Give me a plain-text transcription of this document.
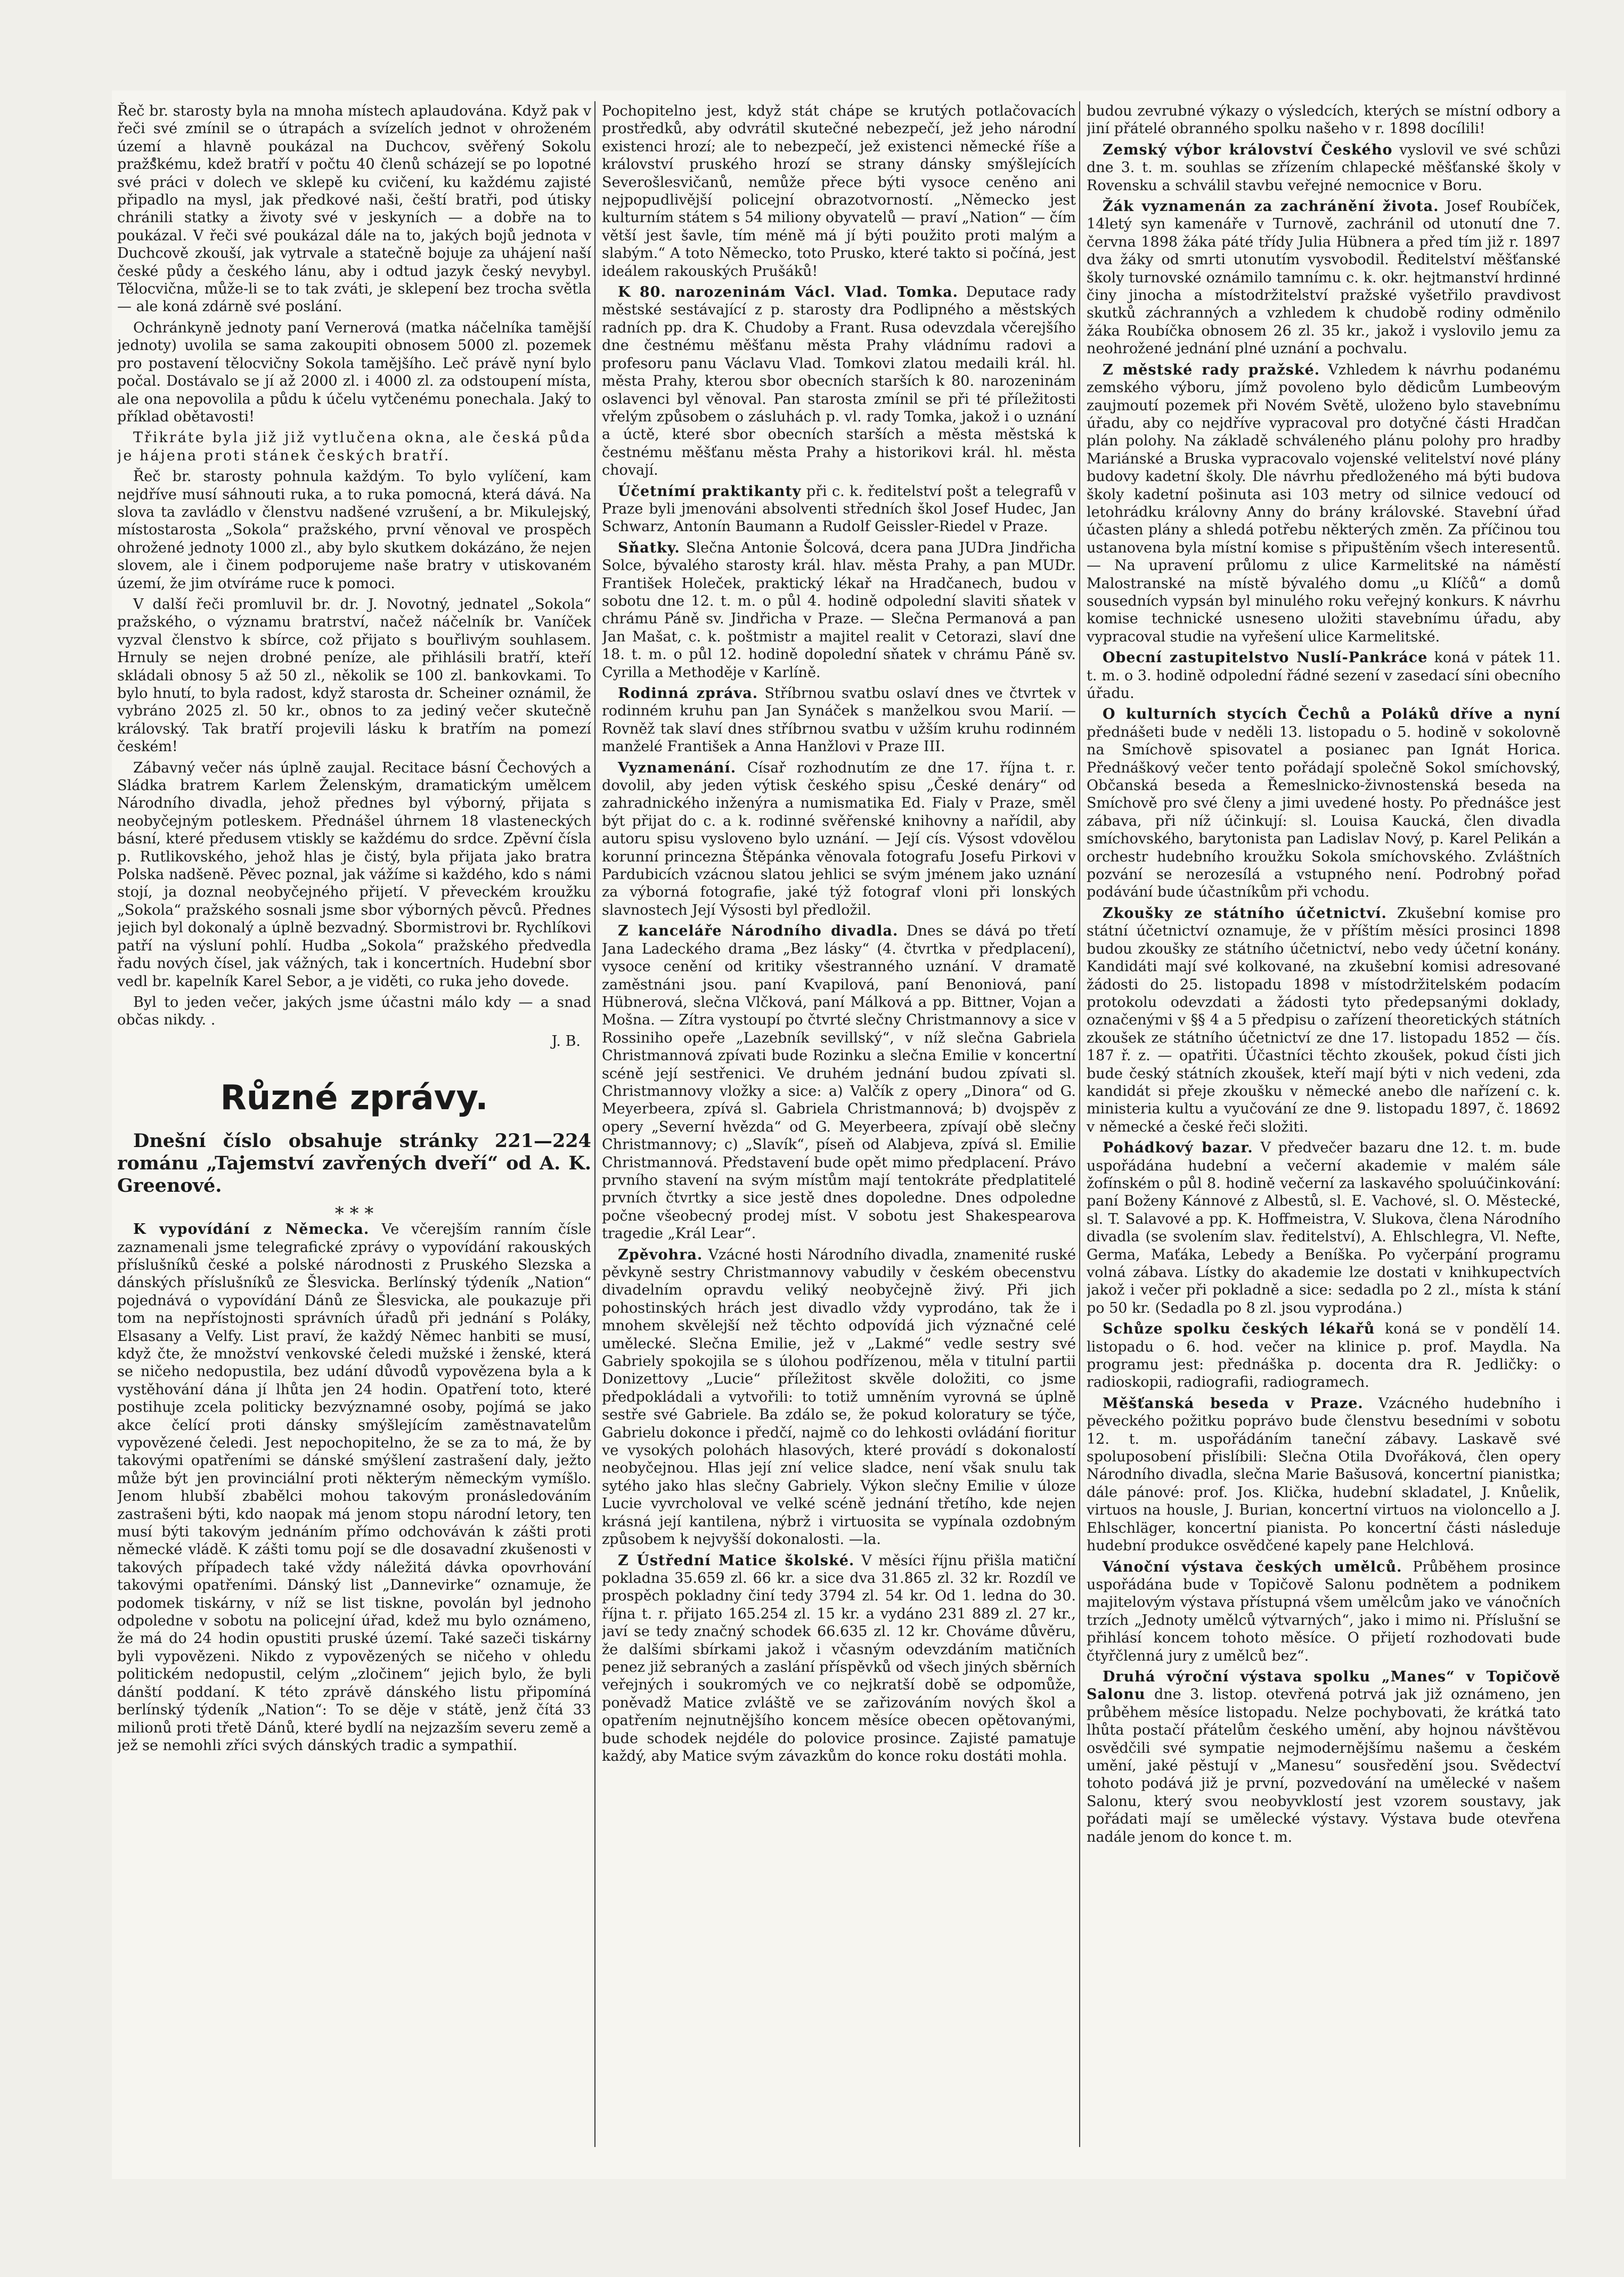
Řeč br. starosty byla na mnoha místech aplaudována. Když pak v řeči své zmínil se o útrapách a svízelích jednot v ohroženém území a hlavně poukázal na Duchcov, svěřený Sokolu pražskému, kdež bratří v počtu 40 členů scházejí se po lopotné své práci v dolech ve sklepě ku cvičení, ku každému zajisté připadlo na mysl, jak předkové naši, čeští bratři, pod útisky chránili statky a životy své v jeskyních — a dobře na to poukázal. V řeči své poukázal dále na to, jakých bojů jednota v Duchcově zkouší, jak vytrvale a statečně bojuje za uhájení naší české půdy a českého lánu, aby i odtud jazyk český nevybyl. Tělocvična, může-li se to tak zváti, je sklepení bez trocha světla — ale koná zdárně své poslání.

Ochránkyně jednoty paní Vernerová (matka náčelníka tamější jednoty) uvolila se sama zakoupiti obnosem 5000 zl. pozemek pro postavení tělocvičny Sokola tamějšího. Leč právě nyní bylo počal. Dostávalo se jí až 2000 zl. i 4000 zl. za odstoupení místa, ale ona nepovolila a půdu k účelu vytčenému ponechala. Jaký to příklad obětavosti!

Třikráte byla již již vytlučena okna, ale česká půda je hájena proti stánek českých bratří.

Řeč br. starosty pohnula každým. To bylo vylíčení, kam nejdříve musí sáhnouti ruka, a to ruka pomocná, která dává. Na slova ta zavládlo v členstvu nadšené vzrušení, a br. Mikulejský, místostarosta „Sokola“ pražského, první věnoval ve prospěch ohrožené jednoty 1000 zl., aby bylo skutkem dokázáno, že nejen slovem, ale i činem podporujeme naše bratry v utiskovaném území, že jim otvíráme ruce k pomoci.

V další řeči promluvil br. dr. J. Novotný, jednatel „Sokola“ pražského, o významu bratrství, načež náčelník br. Vaníček vyzval členstvo k sbírce, což přijato s bouřlivým souhlasem. Hrnuly se nejen drobné peníze, ale přihlásili bratří, kteří skládali obnosy 5 až 50 zl., několik se 100 zl. bankovkami. To bylo hnutí, to byla radost, když starosta dr. Scheiner oznámil, že vybráno 2025 zl. 50 kr., obnos to za jediný večer skutečně královský. Tak bratří projevili lásku k bratřím na pomezí českém!

Zábavný večer nás úplně zaujal. Recitace básní Čechových a Sládka bratrem Karlem Želenským, dramatickým umělcem Národního divadla, jehož přednes byl výborný, přijata s neobyčejným potleskem. Přednášel úhrnem 18 vlasteneckých básní, které předusem vtiskly se každému do srdce. Zpěvní čísla p. Rutlikovského, jehož hlas je čistý, byla přijata jako bratra Polska nadšeně. Pěvec poznal, jak vážíme si každého, kdo s námi stojí, ja doznal neobyčejného přijetí. V převeckém kroužku „Sokola“ pražského sosnali jsme sbor výborných pěvců. Přednes jejich byl dokonalý a úplně bezvadný. Sbormistrovi br. Rychlíkovi patří na výsluní pohlí. Hudba „Sokola“ pražského předvedla řadu nových čísel, jak vážných, tak i koncertních. Hudební sbor vedl br. kapelník Karel Sebor, a je viděti, co ruka jeho dovede.

Byl to jeden večer, jakých jsme účastni málo kdy — a snad občas nikdy. .

J. B.
Různé zprávy.

Dnešní číslo obsahuje stránky 221—224 románu „Tajemství zavřených dveří“ od A. K. Greenové.

* * *

K vypovídání z Německa. Ve včerejším ranním čísle zaznamenali jsme telegrafické zprávy o vypovídání rakouských příslušníků české a polské národnosti z Pruského Slezska a dánských příslušníků ze Šlesvicka. Berlínský týdeník „Nation“ pojednává o vypovídání Dánů ze Šlesvicka, ale poukazuje při tom na nepřístojnosti správních úřadů při jednání s Poláky, Elsasany a Velfy. List praví, že každý Němec hanbiti se musí, když čte, že množství venkovské čeledi mužské i ženské, která se ničeho nedopustila, bez udání důvodů vypovězena byla a k vystěhování dána jí lhůta jen 24 hodin. Opatření toto, které postihuje zcela politicky bezvýznamné osoby, pojímá se jako akce čelící proti dánsky smýšlejícím zaměstnavatelům vypovězené čeledi. Jest nepochopitelno, že se za to má, že by takovými opatřeními se dánské smýšlení zastrašení daly, ježto může být jen provinciální proti některým německým vymíšlo. Jenom hlubší zbabělci mohou takovým pronásledováním zastrašeni býti, kdo naopak má jenom stopu národní letory, ten musí býti takovým jednáním přímo odchováván k zášti proti německé vládě. K zášti tomu pojí se dle dosavadní zkušenosti v takových případech také vždy náležitá dávka opovrhování takovými opatřeními. Dánský list „Dannevirke“ oznamuje, že podomek tiskárny, v níž se list tiskne, povolán byl jednoho odpoledne v sobotu na policejní úřad, kdež mu bylo oznámeno, že má do 24 hodin opustiti pruské území. Také sazeči tiskárny byli vypovězeni. Nikdo z vypovězených se ničeho v ohledu politickém nedopustil, celým „zločinem“ jejich bylo, že byli dánští poddaní. K této zprávě dánského listu připomíná berlínský týdeník „Nation“: To se děje v státě, jenž čítá 33 milionů proti třetě Dánů, které bydlí na nejzazším severu země a jež se nemohli zříci svých dánských tradic a sympathií.

Pochopitelno jest, když stát chápe se krutých potlačovacích prostředků, aby odvrátil skutečné nebezpečí, jež jeho národní existenci hrozí; ale to nebezpečí, jež existenci německé říše a království pruského hrozí se strany dánsky smýšlejících Severošlesvičanů, nemůže přece býti vysoce ceněno ani nejpopudlivější policejní obrazotvorností. „Německo jest kulturním státem s 54 miliony obyvatelů — praví „Nation“ — čím větší jest šavle, tím méně má jí býti použito proti malým a slabým.“ A toto Německo, toto Prusko, které takto si počíná, jest ideálem rakouských Prušáků!

K 80. narozeninám Václ. Vlad. Tomka. Deputace rady městské sestávající z p. starosty dra Podlipného a městských radních pp. dra K. Chudoby a Frant. Rusa odevzdala včerejšího dne čestnému měšťanu města Prahy vládnímu radovi a profesoru panu Václavu Vlad. Tomkovi zlatou medaili král. hl. města Prahy, kterou sbor obecních starších k 80. narozeninám oslavenci byl věnoval. Pan starosta zmínil se při té příležitosti vřelým způsobem o zásluhách p. vl. rady Tomka, jakož i o uznání a úctě, které sbor obecních starších a města městská k čestnému měšťanu města Prahy a historikovi král. hl. města chovají.

Účetnímí praktikanty při c. k. ředitelství pošt a telegrafů v Praze byli jmenováni absolventi středních škol Josef Hudec, Jan Schwarz, Antonín Baumann a Rudolf Geissler-Riedel v Praze.

Sňatky. Slečna Antonie Šolcová, dcera pana JUDra Jindřicha Solce, bývalého starosty král. hlav. města Prahy, a pan MUDr. František Holeček, praktický lékař na Hradčanech, budou v sobotu dne 12. t. m. o půl 4. hodině odpolední slaviti sňatek v chrámu Páně sv. Jindřicha v Praze. — Slečna Permanová a pan Jan Mašat, c. k. poštmistr a majitel realit v Cetorazi, slaví dne 18. t. m. o půl 12. hodině dopolední sňatek v chrámu Páně sv. Cyrilla a Methoděje v Karlíně.

Rodinná zpráva. Stříbrnou svatbu oslaví dnes ve čtvrtek v rodinném kruhu pan Jan Synáček s manželkou svou Marií. — Rovněž tak slaví dnes stříbrnou svatbu v užším kruhu rodinném manželé František a Anna Hanžlovi v Praze III.

Vyznamenání. Císař rozhodnutím ze dne 17. října t. r. dovolil, aby jeden výtisk českého spisu „České denáry“ od zahradnického inženýra a numismatika Ed. Fialy v Praze, směl být přijat do c. a k. rodinné svěřenské knihovny a nařídil, aby autoru spisu vysloveno bylo uznání. — Její cís. Výsost vdovělou korunní princezna Štěpánka věnovala fotografu Josefu Pirkovi v Pardubicích vzácnou slatou jehlici se svým jménem jako uznání za výborná fotografie, jaké týž fotograf vloni při lonských slavnostech Její Výsosti byl předložil.

Z kanceláře Národního divadla. Dnes se dává po třetí Jana Ladeckého drama „Bez lásky“ (4. čtvrtka v předplacení), vysoce cenění od kritiky všestranného uznání. V dramatě zaměstnáni jsou. paní Kvapilová, paní Benoniová, paní Hübnerová, slečna Vlčková, paní Málková a pp. Bittner, Vojan a Mošna. — Zítra vystoupí po čtvrté slečny Christmannovy a sice v Rossiniho opeře „Lazebník sevillský“, v níž slečna Gabriela Christmannová zpívati bude Rozinku a slečna Emilie v koncertní scéně její sestřenici. Ve druhém jednání budou zpívati sl. Christmannovy vložky a sice: a) Valčík z opery „Dinora“ od G. Meyerbeera, zpívá sl. Gabriela Christmannová; b) dvojspěv z opery „Severní hvězda“ od G. Meyerbeera, zpívají obě slečny Christmannovy; c) „Slavík“, píseň od Alabjeva, zpívá sl. Emilie Christmannová. Představení bude opět mimo předplacení. Právo prvního stavení na svým místům mají tentokráte předplatitelé prvních čtvrtky a sice jestě dnes dopoledne. Dnes odpoledne počne všeobecný prodej míst. V sobotu jest Shakespearova tragedie „Král Lear“.

Zpěvohra. Vzácné hosti Národního divadla, znamenité ruské pěvkyně sestry Christmannovy vabudily v českém obecenstvu divadelním opravdu veliký neobyčejně živý. Při jich pohostinských hrách jest divadlo vždy vyprodáno, tak že i mnohem skvělejší než těchto odpovídá jich význačné celé umělecké. Slečna Emilie, jež v „Lakmé“ vedle sestry své Gabriely spokojila se s úlohou podřízenou, měla v titulní partii Donizettovy „Lucie“ příležitost skvěle doložiti, co jsme předpokládali a vytvořili: to totiž umněním vyrovná se úplně sestře své Gabriele. Ba zdálo se, že pokud koloratury se týče, Gabrielu dokonce i předčí, najmě co do lehkosti ovládání fioritur ve vysokých polohách hlasových, které provádí s dokonalostí neobyčejnou. Hlas její zní velice sladce, není však snulu tak sytého jako hlas slečny Gabriely. Výkon slečny Emilie v úloze Lucie vyvrcholoval ve velké scéně jednání třetího, kde nejen krásná její kantilena, nýbrž i virtuosita se vypínala ozdobným způsobem k nejvyšší dokonalosti. —la.

Z Ústřední Matice školské. V měsíci říjnu přišla matiční pokladna 35.659 zl. 66 kr. a sice dva 31.865 zl. 32 kr. Rozdíl ve prospěch pokladny činí tedy 3794 zl. 54 kr. Od 1. ledna do 30. října t. r. přijato 165.254 zl. 15 kr. a vydáno 231 889 zl. 27 kr., javí se tedy značný schodek 66.635 zl. 12 kr. Chováme důvěru, že dalšími sbírkami jakož i včasným odevzdáním matičních penez již sebraných a zaslání příspěvků od všech jiných sběrních veřejných i soukromých ve co nejkratší době se odpomůže, poněvadž Matice zvláště ve se zařizováním nových škol a opatřením nejnutnějšího koncem měsíce obecen opětovanými, bude schodek nejdéle do polovice prosince. Zajisté pamatuje každý, aby Matice svým závazkům do konce roku dostáti mohla.

budou zevrubné výkazy o výsledcích, kterých se místní odbory a jiní přátelé obranného spolku našeho v r. 1898 docílili!

Zemský výbor království Českého vyslovil ve své schůzi dne 3. t. m. souhlas se zřízením chlapecké měšťanské školy v Rovensku a schválil stavbu veřejné nemocnice v Boru.

Žák vyznamenán za zachránění života. Josef Roubíček, 14letý syn kamenáře v Turnově, zachránil od utonutí dne 7. června 1898 žáka páté třídy Julia Hübnera a před tím již r. 1897 dva žáky od smrti utonutím vysvobodil. Ředitelství měšťanské školy turnovské oznámilo tamnímu c. k. okr. hejtmanství hrdinné činy jinocha a místodržitelství pražské vyšetřilo pravdivost skutků záchranných a vzhledem k chudobě rodiny odměnilo žáka Roubíčka obnosem 26 zl. 35 kr., jakož i vyslovilo jemu za neohrožené jednání plné uznání a pochvalu.

Z městské rady pražské. Vzhledem k návrhu podanému zemského výboru, jímž povoleno bylo dědicům Lumbeovým zaujmoutí pozemek při Novém Světě, uloženo bylo stavebnímu úřadu, aby co nejdříve vypracoval pro dotyčné části Hradčan plán polohy. Na základě schváleného plánu polohy pro hradby Mariánské a Bruska vypracovalo vojenské velitelství nové plány budovy kadetní školy. Dle návrhu předloženého má býti budova školy kadetní pošinuta asi 103 metry od silnice vedoucí od letohrádku královny Anny do brány královské. Stavební úřad účasten plány a shledá potřebu některých změn. Za příčinou tou ustanovena byla místní komise s připuštěním všech interesentů. — Na upravení průlomu z ulice Karmelitské na náměstí Malostranské na místě bývalého domu „u Klíčů“ a domů sousedních vypsán byl minulého roku veřejný konkurs. K návrhu komise technické usneseno uložiti stavebnímu úřadu, aby vypracoval studie na vyřešení ulice Karmelitské.

Obecní zastupitelstvo Nuslí-Pankráce koná v pátek 11. t. m. o 3. hodině odpolední řádné sezení v zasedací síni obecního úřadu.

O kulturních stycích Čechů a Poláků dříve a nyní přednášeti bude v neděli 13. listopadu o 5. hodině v sokolovně na Smíchově spisovatel a posianec pan Ignát Horica. Přednáškový večer tento pořádají společně Sokol smíchovský, Občanská beseda a Řemeslnicko-živnostenská beseda na Smíchově pro své členy a jimi uvedené hosty. Po přednášce jest zábava, při níž účinkují: sl. Louisa Kaucká, člen divadla smíchovského, barytonista pan Ladislav Nový, p. Karel Pelikán a orchestr hudebního kroužku Sokola smíchovského. Zvláštních pozvání se nerozesílá a vstupného není. Podrobný pořad podávání bude účastníkům při vchodu.

Zkoušky ze státního účetnictví. Zkušební komise pro státní účetnictví oznamuje, že v příštím měsíci prosinci 1898 budou zkoušky ze státního účetnictví, nebo vedy účetní konány. Kandidáti mají své kolkované, na zkušební komisi adresované žádosti do 25. listopadu 1898 v místodržitelském podacím protokolu odevzdati a žádosti tyto předepsanými doklady, označenými v §§ 4 a 5 předpisu o zařízení theoretických státních zkoušek ze státního účetnictví ze dne 17. listopadu 1852 — čís. 187 ř. z. — opatřiti. Účastníci těchto zkoušek, pokud čísti jich bude český státních zkoušek, kteří mají býti v nich vedeni, zda kandidát si přeje zkoušku v německé anebo dle nařízení c. k. ministeria kultu a vyučování ze dne 9. listopadu 1897, č. 18692 v německé a české řeči složiti.

Pohádkový bazar. V předvečer bazaru dne 12. t. m. bude uspořádána hudební a večerní akademie v malém sále žofínském o půl 8. hodině večerní za laskavého spoluúčinkování: paní Boženy Kánnové z Albestů, sl. E. Vachové, sl. O. Městecké, sl. T. Salavové a pp. K. Hoffmeistra, V. Slukova, člena Národního divadla (se svolením slav. ředitelství), A. Ehlschlegra, Vl. Nefte, Germa, Maťáka, Lebedy a Beníška. Po vyčerpání programu volná zábava. Lístky do akademie lze dostati v knihkupectvích jakož i večer při pokladně a sice: sedadla po 2 zl., místa k stání po 50 kr. (Sedadla po 8 zl. jsou vyprodána.)

Schůze spolku českých lékařů koná se v pondělí 14. listopadu o 6. hod. večer na klinice p. prof. Maydla. Na programu jest: přednáška p. docenta dra R. Jedličky: o radioskopii, radiografii, radiogramech.

Měšťanská beseda v Praze. Vzácného hudebního i pěveckého požitku poprávo bude členstvu besedními v sobotu 12. t. m. uspořádáním taneční zábavy. Laskavě své spoluposobení přislíbili: Slečna Otila Dvořáková, člen opery Národního divadla, slečna Marie Bašusová, koncertní pianistka; dále pánové: prof. Jos. Klička, hudební skladatel, J. Knůelik, virtuos na housle, J. Burian, koncertní virtuos na violoncello a J. Ehlschläger, koncertní pianista. Po koncertní části následuje hudební produkce osvědčené kapely pane Helchlová.

Vánoční výstava českých umělců. Průběhem prosince uspořádána bude v Topičově Salonu podnětem a podnikem majitelovým výstava přístupná všem umělcům jako ve vánočních trzích „Jednoty umělců výtvarných“, jako i mimo ni. Příslušní se přihlásí koncem tohoto měsíce. O přijetí rozhodovati bude čtyřčlenná jury z umělců bez“.

Druhá výroční výstava spolku „Manes“ v Topičově Salonu dne 3. listop. otevřená potrvá jak již oznámeno, jen průběhem měsíce listopadu. Nelze pochybovati, že krátká tato lhůta postačí přátelům českého umění, aby hojnou návštěvou osvědčili své sympatie nejmodernějšímu našemu a českém umění, jaké pěstují v „Manesu“ sousředění jsou. Svědectví tohoto podává již je první, pozvedování na umělecké v našem Salonu, který svou neobyvklostí jest vzorem soustavy, jak pořádati mají se umělecké výstavy. Výstava bude otevřena nadále jenom do konce t. m.
